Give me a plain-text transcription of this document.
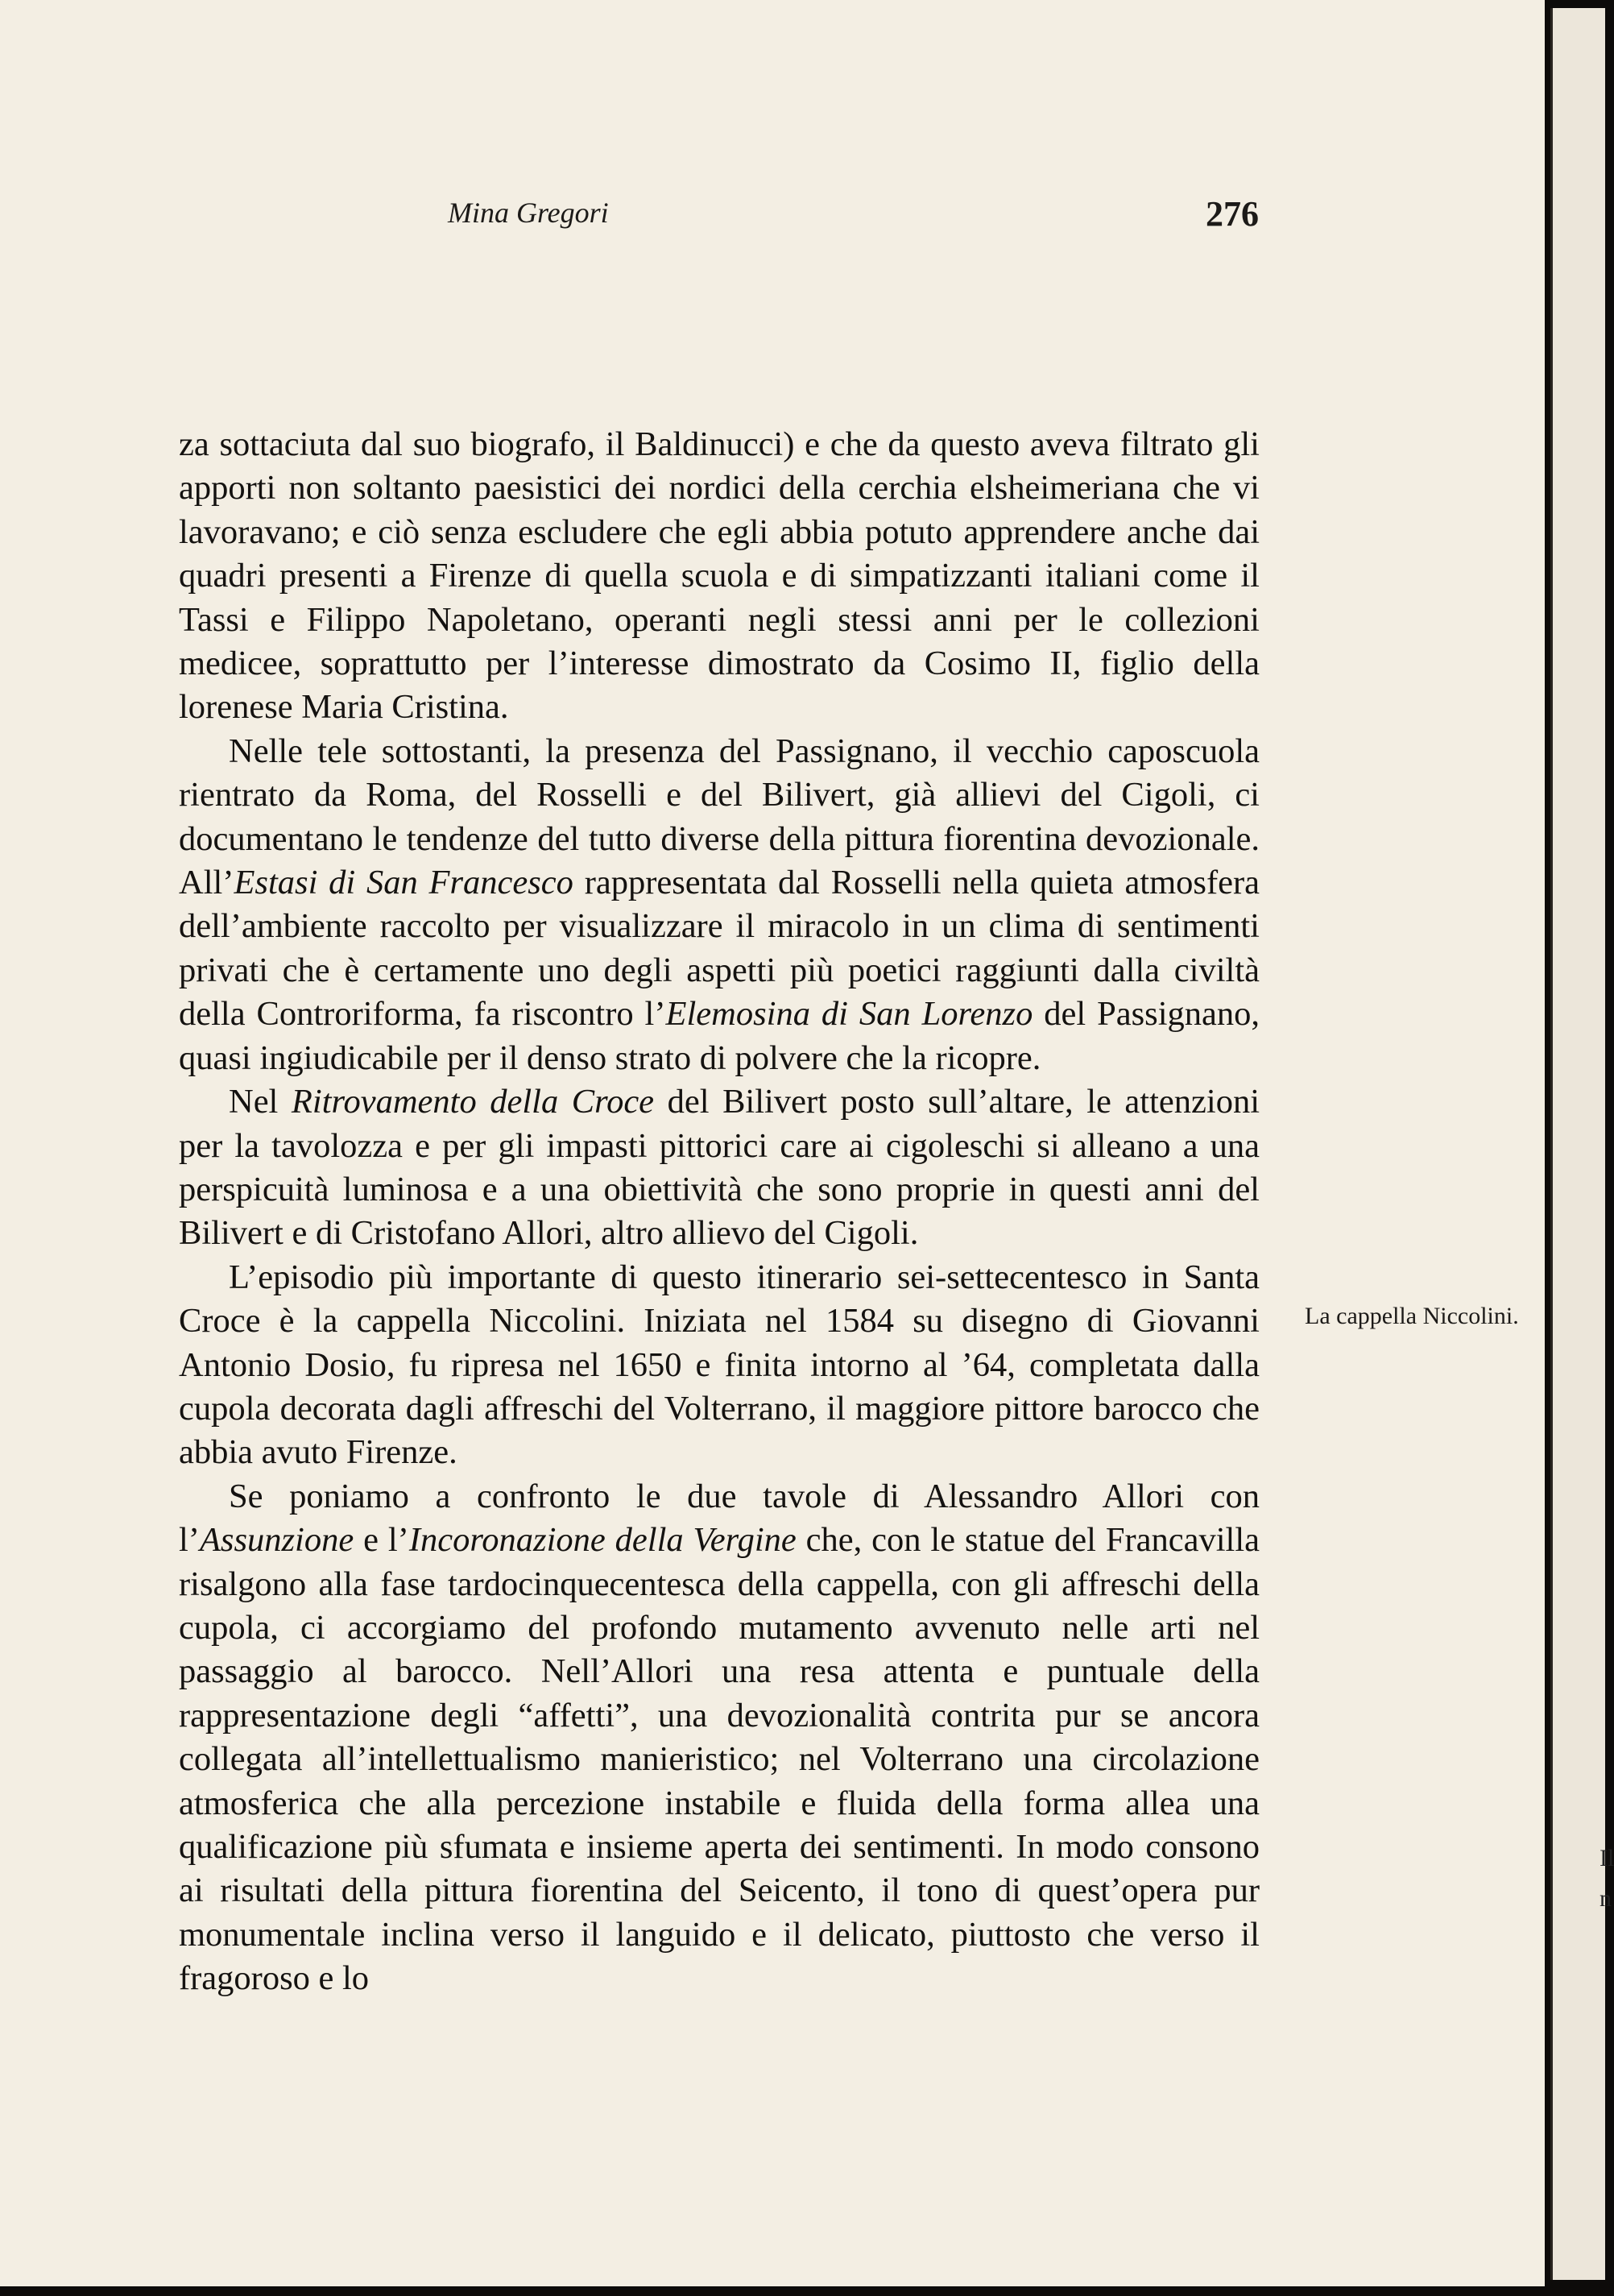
Mina Gregori	276

za sottaciuta dal suo biografo, il Baldinucci) e che da questo aveva filtrato gli apporti non soltanto paesistici dei nordici della cerchia elsheimeriana che vi lavoravano; e ciò senza escludere che egli abbia potuto apprendere anche dai quadri presenti a Firenze di quella scuola e di simpatizzanti italiani come il Tassi e Filippo Napoletano, operanti negli stessi anni per le collezioni medicee, soprattutto per l’interesse dimostrato da Cosimo II, figlio della lorenese Maria Cristina.

Nelle tele sottostanti, la presenza del Passignano, il vecchio caposcuola rientrato da Roma, del Rosselli e del Bilivert, già allievi del Cigoli, ci documentano le tendenze del tutto diverse della pittura fiorentina devozionale. All’Estasi di San Francesco rappresentata dal Rosselli nella quieta atmosfera dell’ambiente raccolto per visualizzare il miracolo in un clima di sentimenti privati che è certamente uno degli aspetti più poetici raggiunti dalla civiltà della Controriforma, fa riscontro l’Elemosina di San Lorenzo del Passignano, quasi ingiudicabile per il denso strato di polvere che la ricopre.

Nel Ritrovamento della Croce del Bilivert posto sull’altare, le attenzioni per la tavolozza e per gli impasti pittorici care ai cigoleschi si alleano a una perspicuità luminosa e a una obiettività che sono proprie in questi anni del Bilivert e di Cristofano Allori, altro allievo del Cigoli.

L’episodio più importante di questo itinerario sei-settecentesco in Santa Croce è la cappella Niccolini. Iniziata nel 1584 su disegno di Giovanni Antonio Dosio, fu ripresa nel 1650 e finita intorno al ’64, completata dalla cupola decorata dagli affreschi del Volterrano, il maggiore pittore barocco che abbia avuto Firenze.

Se poniamo a confronto le due tavole di Alessandro Allori con l’Assunzione e l’Incoronazione della Vergine che, con le statue del Francavilla risalgono alla fase tardocinquecentesca della cappella, con gli affreschi della cupola, ci accorgiamo del profondo mutamento avvenuto nelle arti nel passaggio al barocco. Nell’Allori una resa attenta e puntuale della rappresentazione degli “affetti”, una devozionalità contrita pur se ancora collegata all’intellettualismo manieristico; nel Volterrano una circolazione atmosferica che alla percezione instabile e fluida della forma allea una qualificazione più sfumata e insieme aperta dei sentimenti. In modo consono ai risultati della pittura fiorentina del Seicento, il tono di quest’opera pur monumentale inclina verso il languido e il delicato, piuttosto che verso il fragoroso e lo

La cappella Niccolini.
Il
n
